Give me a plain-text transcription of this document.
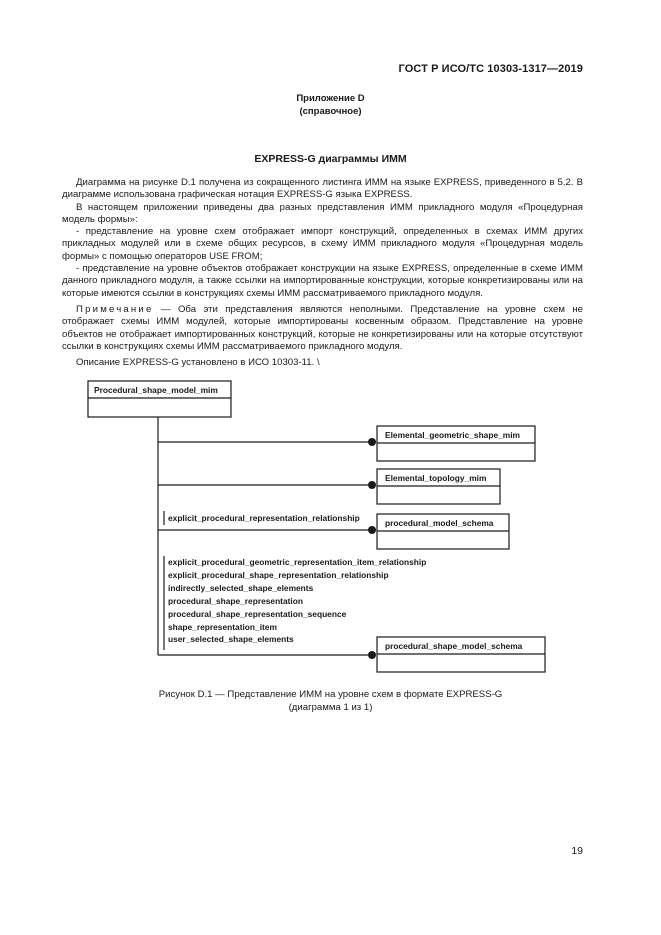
ГОСТ Р ИСО/ТС 10303-1317—2019
Приложение D
(справочное)
EXPRESS-G диаграммы ИММ

Диаграмма на рисунке D.1 получена из сокращенного листинга ИММ на языке EXPRESS, приведенного в 5.2. В диаграмме использована графическая нотация EXPRESS-G языка EXPRESS.

В настоящем приложении приведены два разных представления ИММ прикладного модуля «Процедурная модель формы»:

- представление на уровне схем отображает импорт конструкций, определенных в схемах ИММ других прикладных модулей или в схеме общих ресурсов, в схему ИММ прикладного модуля «Процедурная модель формы» с помощью операторов USE FROM;

- представление на уровне объектов отображает конструкции на языке EXPRESS, определенные в схеме ИММ данного прикладного модуля, а также ссылки на импортированные конструкции, которые конкретизированы или на которые имеются ссылки в конструкциях схемы ИММ рассматриваемого прикладного модуля.

Примечание — Оба эти представления являются неполными. Представление на уровне схем не отображает схемы ИММ модулей, которые импортированы косвенным образом. Представление на уровне объектов не отображает импортированных конструкций, которые не конкретизированы или на которые отсутствуют ссылки в конструкциях схемы ИММ рассматриваемого прикладного модуля.

Описание EXPRESS-G установлено в ИСО 10303-11. \

Procedural_shape_model_mim
Elemental_geometric_shape_mim
Elemental_topology_mim
procedural_model_schema
procedural_shape_model_schema
explicit_procedural_representation_relationship
explicit_procedural_geometric_representation_item_relationship
explicit_procedural_shape_representation_relationship
indirectly_selected_shape_elements
procedural_shape_representation
procedural_shape_representation_sequence
shape_representation_item
user_selected_shape_elements
Рисунок D.1 — Представление ИММ на уровне схем в формате EXPRESS-G
(диаграмма 1 из 1)
19
